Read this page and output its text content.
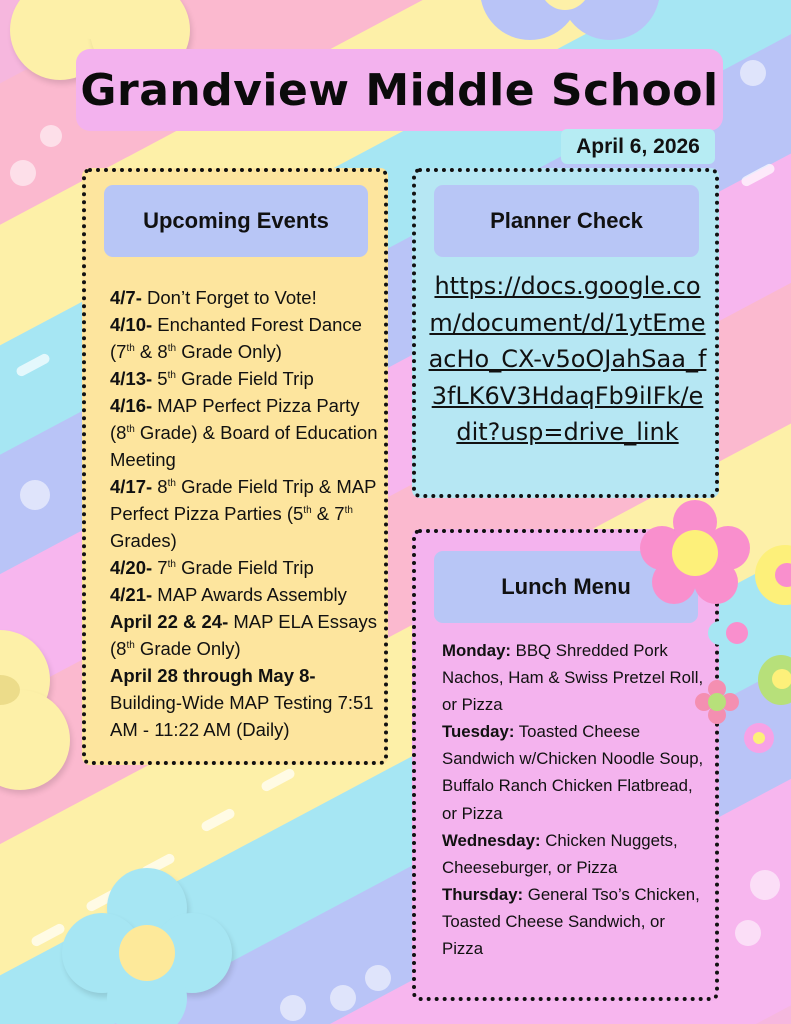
Grandview Middle School
April 6, 2026
Upcoming Events

4/7- Don’t Forget to Vote!

4/10- Enchanted Forest Dance (7th & 8th Grade Only)

4/13- 5th Grade Field Trip

4/16- MAP Perfect Pizza Party (8th Grade) & Board of Education Meeting

4/17- 8th Grade Field Trip & MAP Perfect Pizza Parties (5th & 7th Grades)

4/20- 7th Grade Field Trip

4/21- MAP Awards Assembly

April 22 & 24- MAP ELA Essays (8th Grade Only)

April 28 through May 8- Building-Wide MAP Testing 7:51 AM - 11:22 AM (Daily)

Planner Check
https://docs.google.com/document/d/1ytEmeacHo_CX-v5oOJahSaa_f3fLK6V3HdaqFb9iIFk/edit?usp=drive_link
Lunch Menu

Monday: BBQ Shredded Pork Nachos, Ham & Swiss Pretzel Roll, or Pizza

Tuesday: Toasted Cheese Sandwich w/Chicken Noodle Soup, Buffalo Ranch Chicken Flatbread, or Pizza

Wednesday: Chicken Nuggets, Cheeseburger, or Pizza

Thursday: General Tso’s Chicken, Toasted Cheese Sandwich, or Pizza
